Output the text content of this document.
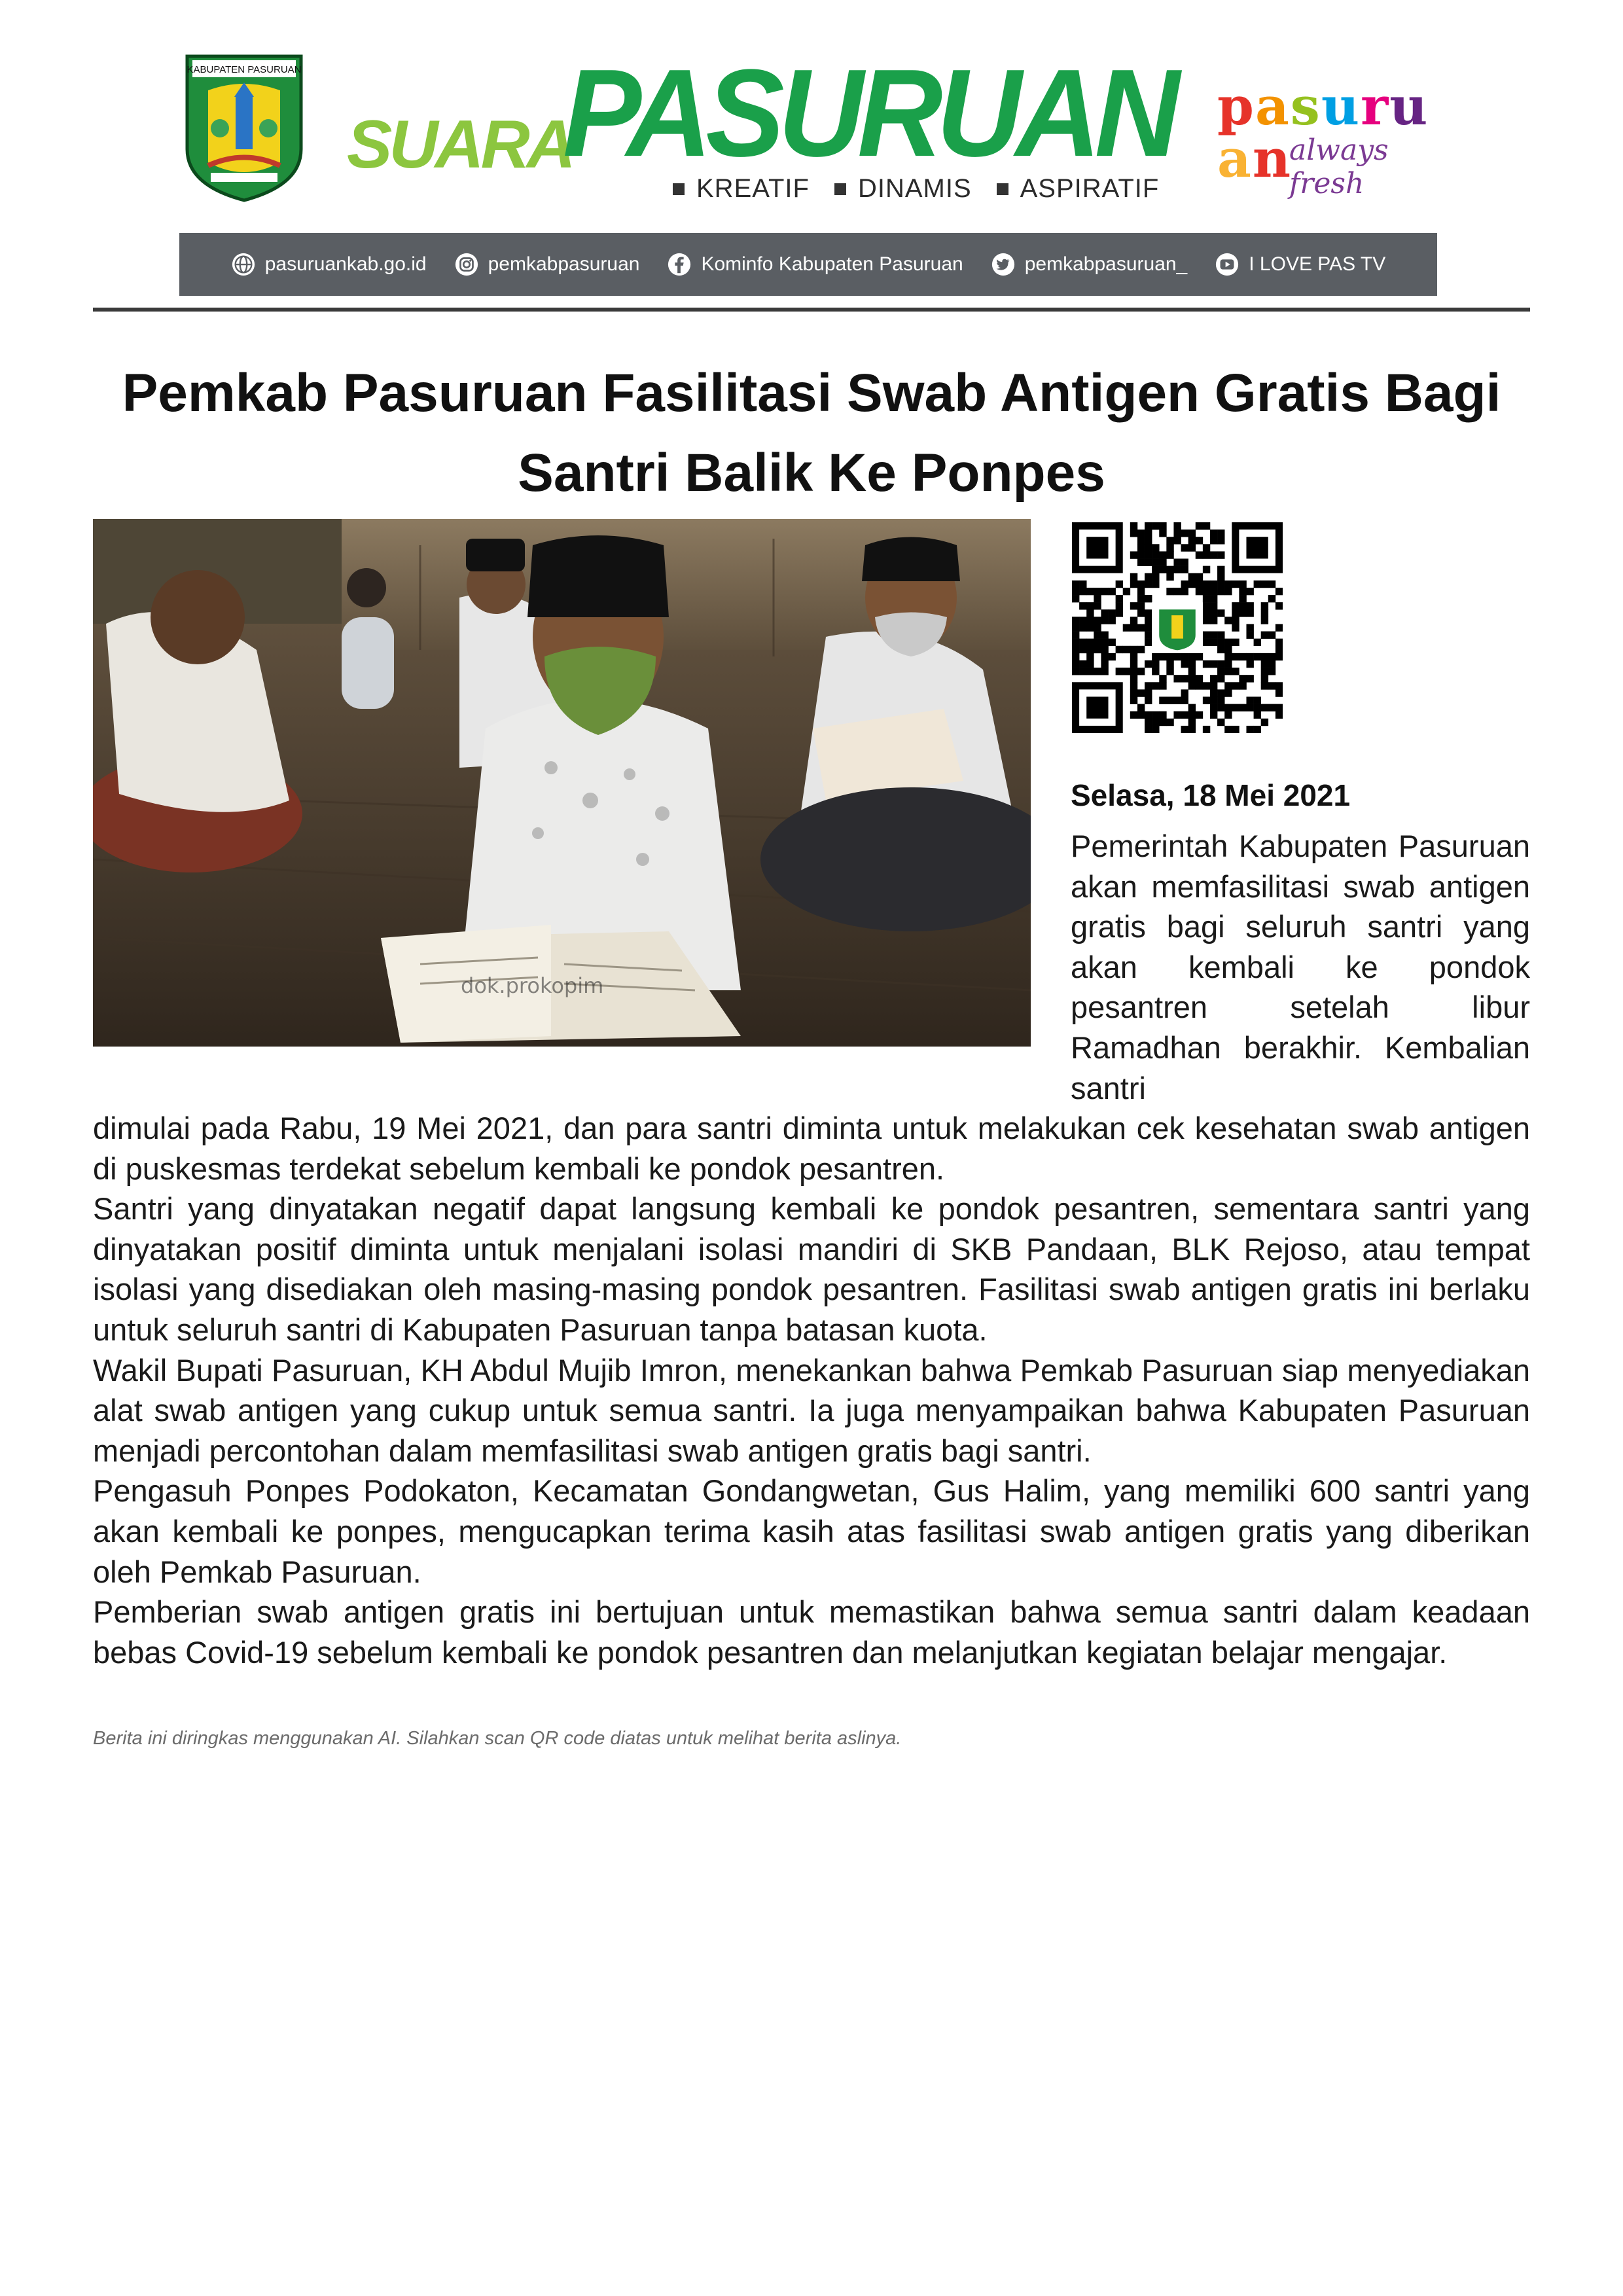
KABUPATEN PASURUAN
SUARA
PASURUAN
KREATIF DINAMIS ASPIRATIF
pasuruan
always fresh
pasuruankab.go.id	pemkabpasuruan	Kominfo Kabupaten Pasuruan	pemkabpasuruan_	I LOVE PAS TV
Pemkab Pasuruan Fasilitasi Swab Antigen Gratis Bagi Santri Balik Ke Ponpes
dok.prokopim
Selasa, 18 Mei 2021
Pemerintah Kabupaten Pasuruan akan memfasilitasi swab antigen gratis bagi seluruh santri yang akan kembali ke pondok pesantren setelah libur Ramadhan berakhir. Kembalian santri

dimulai pada Rabu, 19 Mei 2021, dan para santri diminta untuk melakukan cek kesehatan swab antigen di puskesmas terdekat sebelum kembali ke pondok pesantren.

Santri yang dinyatakan negatif dapat langsung kembali ke pondok pesantren, sementara santri yang dinyatakan positif diminta untuk menjalani isolasi mandiri di SKB Pandaan, BLK Rejoso, atau tempat isolasi yang disediakan oleh masing-masing pondok pesantren. Fasilitasi swab antigen gratis ini berlaku untuk seluruh santri di Kabupaten Pasuruan tanpa batasan kuota.

Wakil Bupati Pasuruan, KH Abdul Mujib Imron, menekankan bahwa Pemkab Pasuruan siap menyediakan alat swab antigen yang cukup untuk semua santri. Ia juga menyampaikan bahwa Kabupaten Pasuruan menjadi percontohan dalam memfasilitasi swab antigen gratis bagi santri.

Pengasuh Ponpes Podokaton, Kecamatan Gondangwetan, Gus Halim, yang memiliki 600 santri yang akan kembali ke ponpes, mengucapkan terima kasih atas fasilitasi swab antigen gratis yang diberikan oleh Pemkab Pasuruan.

Pemberian swab antigen gratis ini bertujuan untuk memastikan bahwa semua santri dalam keadaan bebas Covid-19 sebelum kembali ke pondok pesantren dan melanjutkan kegiatan belajar mengajar.

Berita ini diringkas menggunakan AI. Silahkan scan QR code diatas untuk melihat berita aslinya.
